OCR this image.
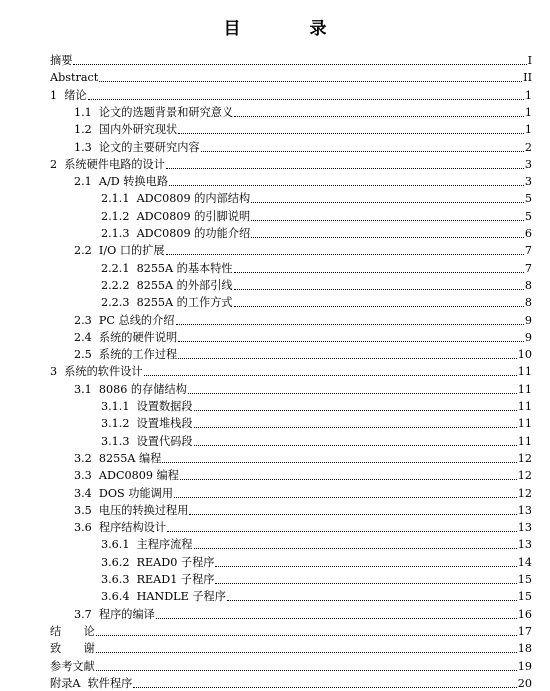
目　录
摘要	I
Abstract	II
1  绪论	1
1.1  论文的选题背景和研究意义	1
1.2  国内外研究现状	1
1.3  论文的主要研究内容	2
2  系统硬件电路的设计	3
2.1  A/D 转换电路	3
2.1.1  ADC0809 的内部结构	5
2.1.2  ADC0809 的引脚说明	5
2.1.3  ADC0809 的功能介绍	6
2.2  I/O 口的扩展	7
2.2.1  8255A 的基本特性	7
2.2.2  8255A 的外部引线	8
2.2.3  8255A 的工作方式	8
2.3  PC 总线的介绍	9
2.4  系统的硬件说明	9
2.5  系统的工作过程	10
3  系统的软件设计	11
3.1  8086 的存储结构	11
3.1.1  设置数据段	11
3.1.2  设置堆栈段	11
3.1.3  设置代码段	11
3.2  8255A 编程	12
3.3  ADC0809 编程	12
3.4  DOS 功能调用	12
3.5  电压的转换过程用	13
3.6  程序结构设计	13
3.6.1  主程序流程	13
3.6.2  READ0 子程序	14
3.6.3  READ1 子程序	15
3.6.4  HANDLE 子程序	15
3.7  程序的编译	16
结　　论	17
致　　谢	18
参考文献	19
附录A  软件程序	20
